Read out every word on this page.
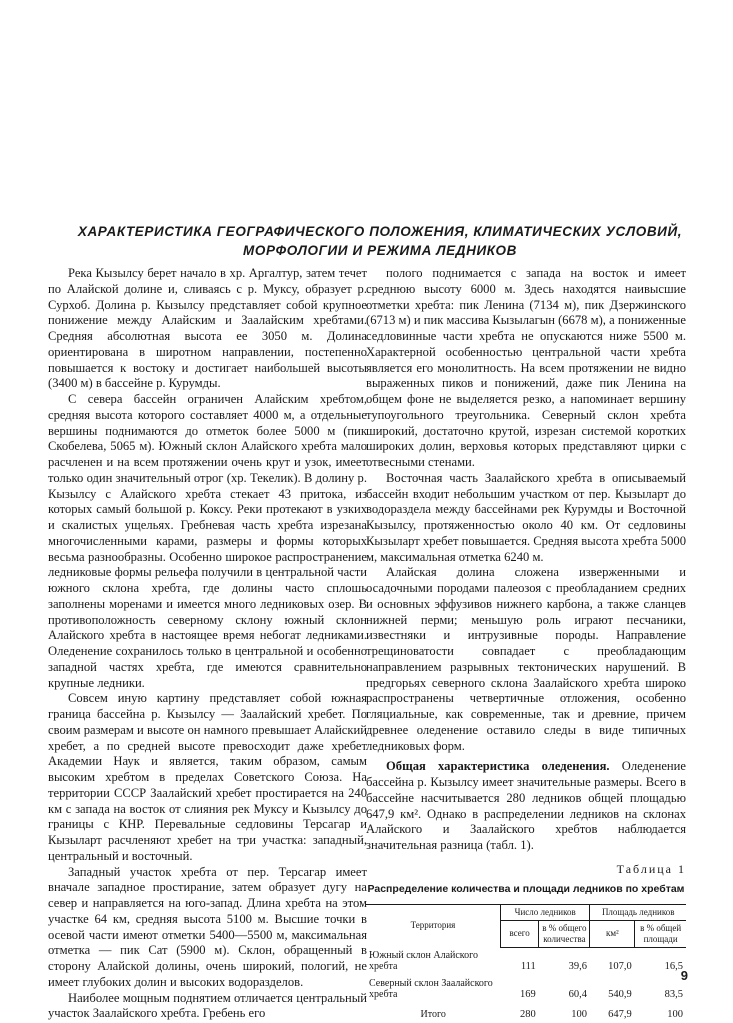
ХАРАКТЕРИСТИКА ГЕОГРАФИЧЕСКОГО ПОЛОЖЕНИЯ, КЛИМАТИЧЕСКИХ УСЛОВИЙ,
МОРФОЛОГИИ И РЕЖИМА ЛЕДНИКОВ

Река Кызылсу берет начало в хр. Аргалтур, затем течет по Алайской долине и, сливаясь с р. Муксу, образует р. Сурхоб. Долина р. Кызылсу представляет собой крупное понижение между Алайским и Заалайским хребтами. Средняя абсолютная высота ее 3050 м. Долина ориентирована в широтном направлении, постепенно повышается к востоку и достигает наибольшей высоты (3400 м) в бассейне р. Курумды.

С севера бассейн ограничен Алайским хребтом, средняя высота которого составляет 4000 м, а отдельные вершины поднимаются до отметок более 5000 м (пик Скобелева, 5065 м). Южный склон Алайского хребта мало расчленен и на всем протяжении очень крут и узок, имеет только один значительный отрог (хр. Текелик). В долину р. Кызылсу с Алайского хребта стекает 43 притока, из которых самый большой р. Коксу. Реки протекают в узких и скалистых ущельях. Гребневая часть хребта изрезана многочисленными карами, размеры и формы которых весьма разнообразны. Особенно широкое распространение ледниковые формы рельефа получили в центральной части южного склона хребта, где долины часто сплошь заполнены моренами и имеется много ледниковых озер. В противоположность северному склону южный склон Алайского хребта в настоящее время небогат ледниками. Оледенение сохранилось только в центральной и особенно западной частях хребта, где имеются сравнительно крупные ледники.

Совсем иную картину представляет собой южная граница бассейна р. Кызылсу — Заалайский хребет. По своим размерам и высоте он намного превышает Алайский хребет, а по средней высоте превосходит даже хребет Академии Наук и является, таким образом, самым высоким хребтом в пределах Советского Союза. На территории СССР Заалайский хребет простирается на 240 км с запада на восток от слияния рек Муксу и Кызылсу до границы с КНР. Перевальные седловины Терсагар и Кызыларт расчленяют хребет на три участка: западный, центральный и восточный.

Западный участок хребта от пер. Терсагар имеет вначале западное простирание, затем образует дугу на север и направляется на юго-запад. Длина хребта на этом участке 64 км, средняя высота 5100 м. Высшие точки в осевой части имеют отметки 5400—5500 м, максимальная отметка — пик Сат (5900 м). Склон, обращенный в сторону Алайской долины, очень широкий, пологий, не имеет глубоких долин и высоких водоразделов.

Наиболее мощным поднятием отличается центральный участок Заалайского хребта. Гребень его

полого поднимается с запада на восток и имеет среднюю высоту 6000 м. Здесь находятся наивысшие отметки хребта: пик Ленина (7134 м), пик Дзержинского (6713 м) и пик массива Кызылагын (6678 м), а пониженные седловинные части хребта не опускаются ниже 5500 м. Характерной особенностью центральной части хребта является его монолитность. На всем протяжении не видно выраженных пиков и понижений, даже пик Ленина на общем фоне не выделяется резко, а напоминает вершину тупоугольного треугольника. Северный склон хребта широкий, достаточно крутой, изрезан системой коротких широких долин, верховья которых представляют цирки с отвесными стенами.

Восточная часть Заалайского хребта в описываемый бассейн входит небольшим участком от пер. Кызыларт до водораздела между бассейнами рек Курумды и Восточной Кызылсу, протяженностью около 40 км. От седловины Кызыларт хребет повышается. Средняя высота хребта 5000 м, максимальная отметка 6240 м.

Алайская долина сложена изверженными и осадочными породами палеозоя с преобладанием средних и основных эффузивов нижнего карбона, а также сланцев нижней перми; меньшую роль играют песчаники, известняки и интрузивные породы. Направление трещиноватости совпадает с преобладающим направлением разрывных тектонических нарушений. В предгорьях северного склона Заалайского хребта широко распространены четвертичные отложения, особенно гляциальные, как современные, так и древние, причем древнее оледенение оставило следы в виде типичных ледниковых форм.

Общая характеристика оледенения. Оледенение бассейна р. Кызылсу имеет значительные размеры. Всего в бассейне насчитывается 280 ледников общей площадью 647,9 км². Однако в распределении ледников на склонах Алайского и Заалайского хребтов наблюдается значительная разница (табл. 1).

Таблица 1
Распределение количества и площади ледников по хребтам
Территория	Число ледников		Площадь ледников	
	всего	в % общего количества	км²	в % общей площади
Южный склон Алайского хребта	111	39,6	107,0	16,5
Северный склон Заалайского хребта	169	60,4	540,9	83,5
Итого	280	100	647,9	100
9
